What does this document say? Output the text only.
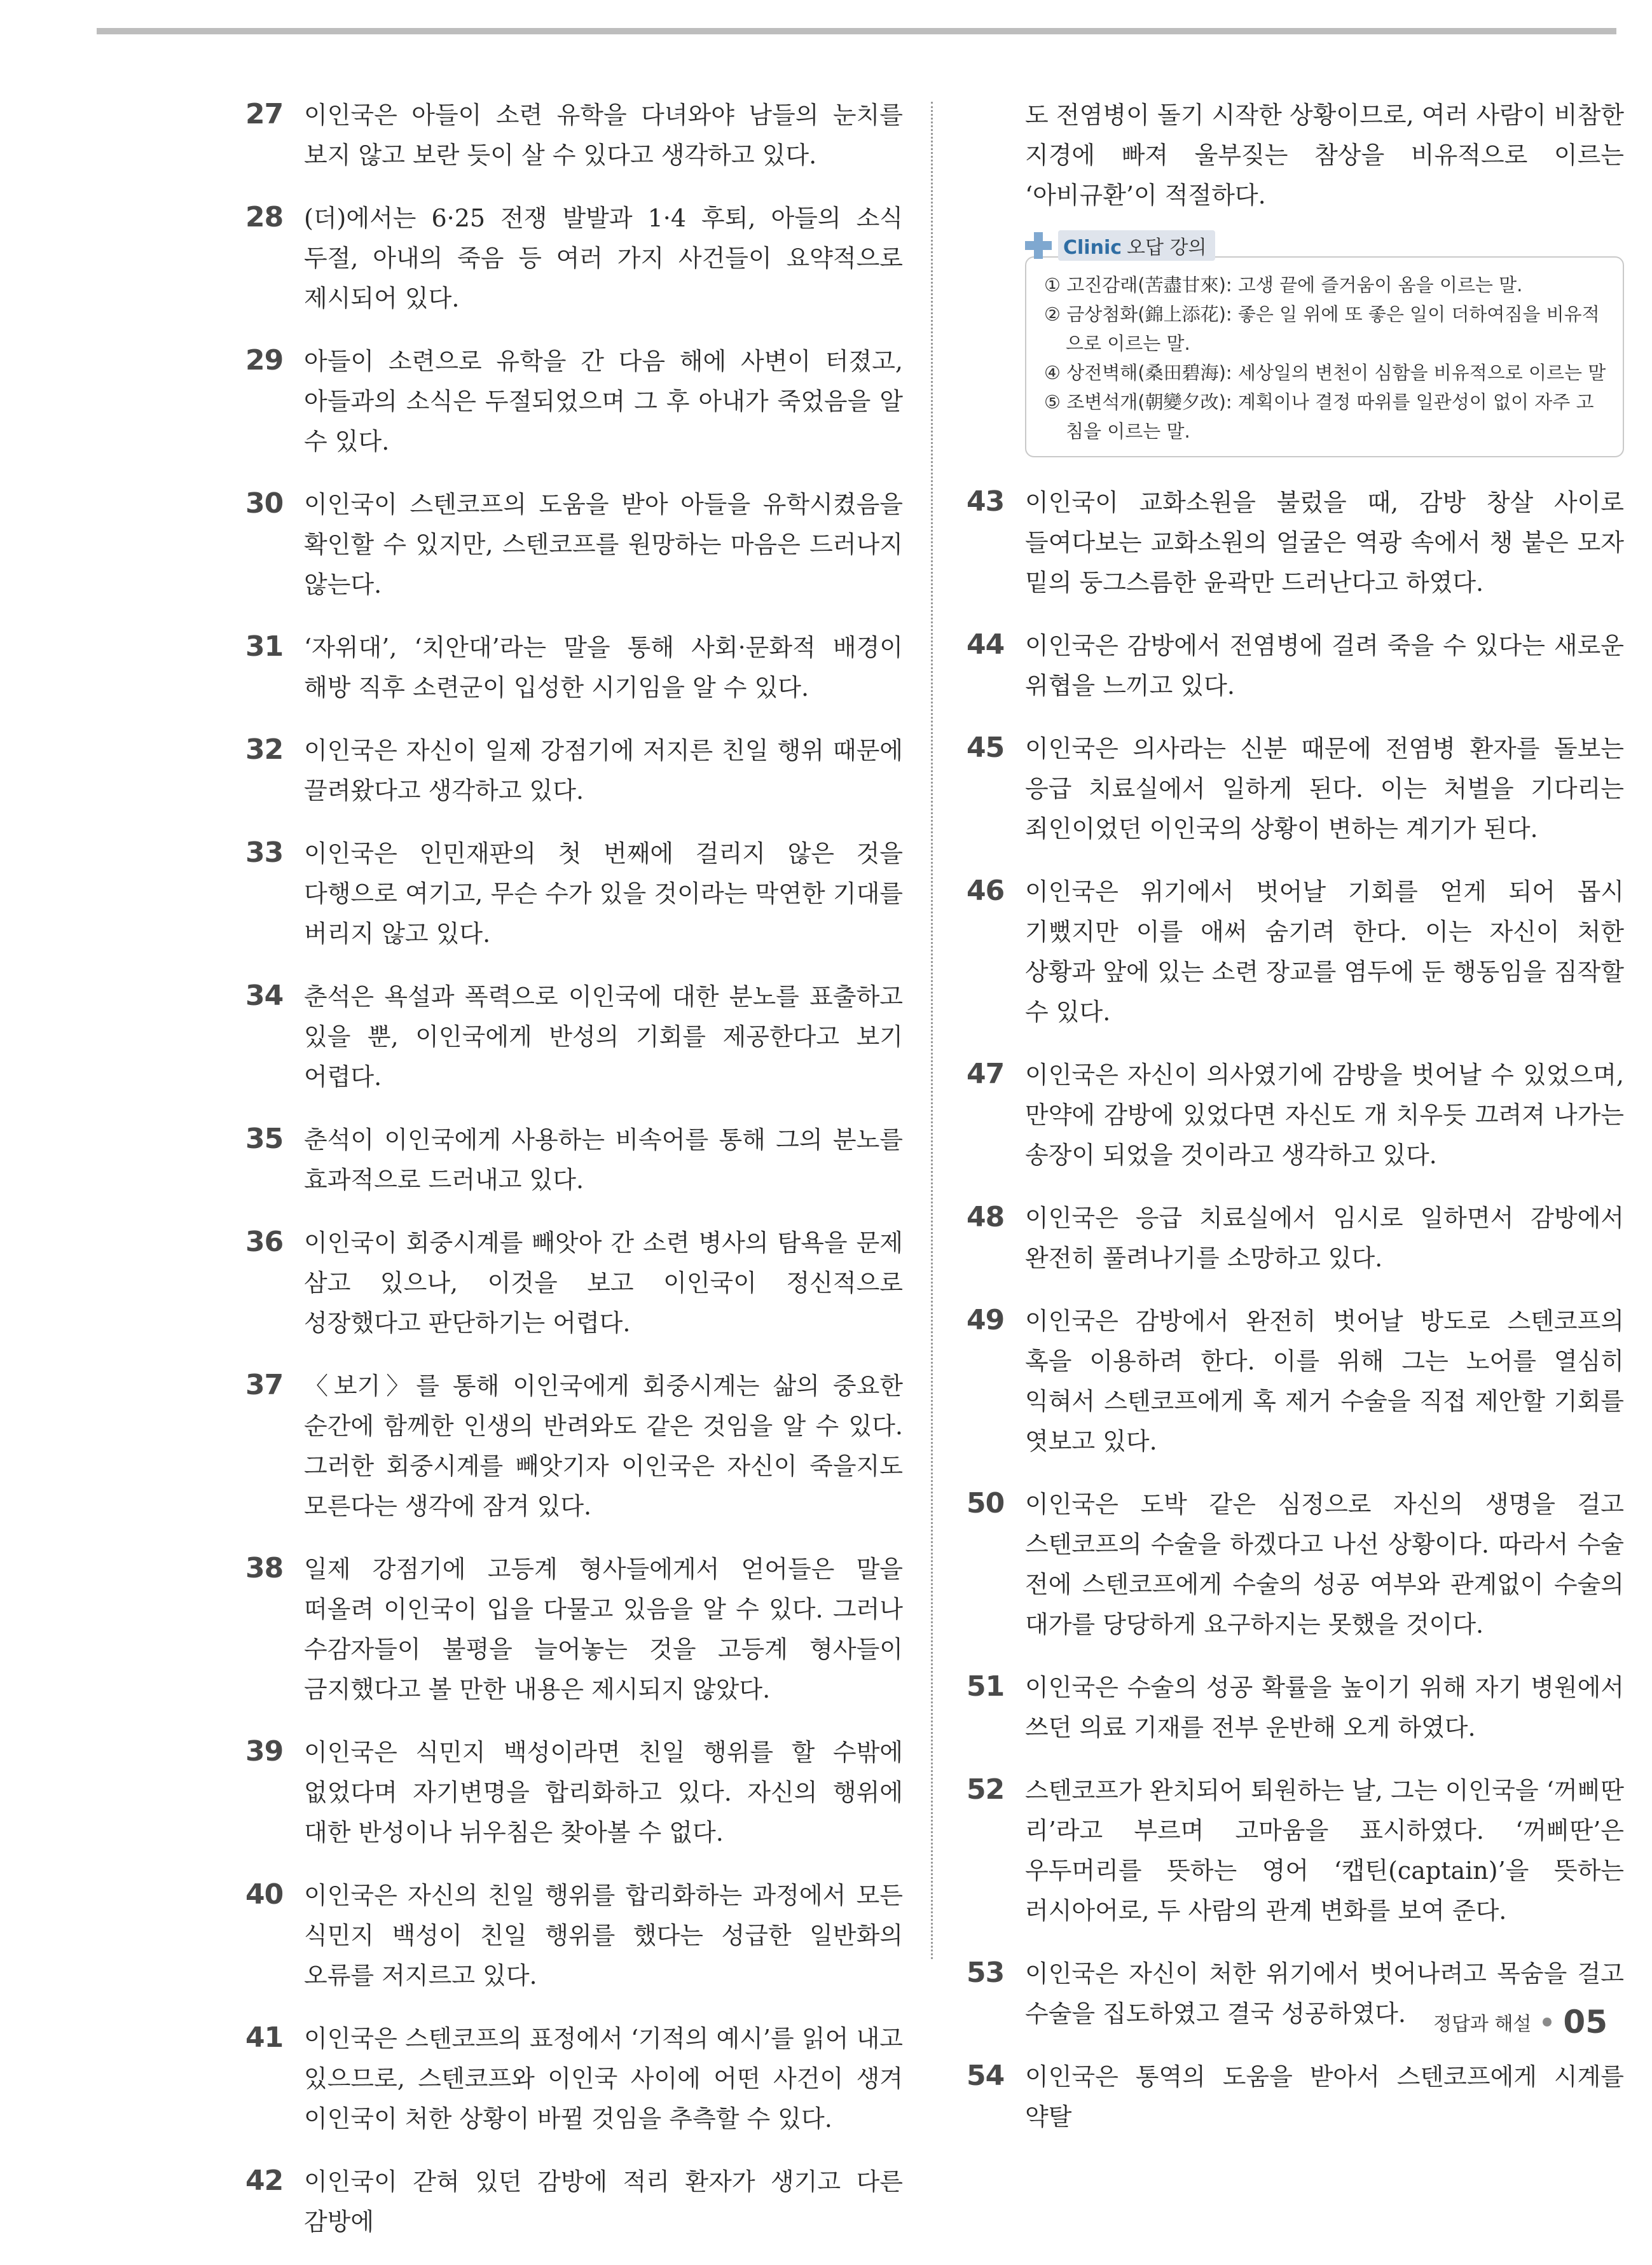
27 이인국은 아들이 소련 유학을 다녀와야 남들의 눈치를 보지 않고 보란 듯이 살 수 있다고 생각하고 있다.
28 (더)에서는 6·25 전쟁 발발과 1·4 후퇴, 아들의 소식 두절, 아내의 죽음 등 여러 가지 사건들이 요약적으로 제시되어 있다.
29 아들이 소련으로 유학을 간 다음 해에 사변이 터졌고, 아들과의 소식은 두절되었으며 그 후 아내가 죽었음을 알 수 있다.
30 이인국이 스텐코프의 도움을 받아 아들을 유학시켰음을 확인할 수 있지만, 스텐코프를 원망하는 마음은 드러나지 않는다.
31 ‘자위대’, ‘치안대’라는 말을 통해 사회·문화적 배경이 해방 직후 소련군이 입성한 시기임을 알 수 있다.
32 이인국은 자신이 일제 강점기에 저지른 친일 행위 때문에 끌려왔다고 생각하고 있다.
33 이인국은 인민재판의 첫 번째에 걸리지 않은 것을 다행으로 여기고, 무슨 수가 있을 것이라는 막연한 기대를 버리지 않고 있다.
34 춘석은 욕설과 폭력으로 이인국에 대한 분노를 표출하고 있을 뿐, 이인국에게 반성의 기회를 제공한다고 보기 어렵다.
35 춘석이 이인국에게 사용하는 비속어를 통해 그의 분노를 효과적으로 드러내고 있다.
36 이인국이 회중시계를 빼앗아 간 소련 병사의 탐욕을 문제 삼고 있으나, 이것을 보고 이인국이 정신적으로 성장했다고 판단하기는 어렵다.
37 〈보기〉를 통해 이인국에게 회중시계는 삶의 중요한 순간에 함께한 인생의 반려와도 같은 것임을 알 수 있다. 그러한 회중시계를 빼앗기자 이인국은 자신이 죽을지도 모른다는 생각에 잠겨 있다.
38 일제 강점기에 고등계 형사들에게서 얻어들은 말을 떠올려 이인국이 입을 다물고 있음을 알 수 있다. 그러나 수감자들이 불평을 늘어놓는 것을 고등계 형사들이 금지했다고 볼 만한 내용은 제시되지 않았다.
39 이인국은 식민지 백성이라면 친일 행위를 할 수밖에 없었다며 자기변명을 합리화하고 있다. 자신의 행위에 대한 반성이나 뉘우침은 찾아볼 수 없다.
40 이인국은 자신의 친일 행위를 합리화하는 과정에서 모든 식민지 백성이 친일 행위를 했다는 성급한 일반화의 오류를 저지르고 있다.
41 이인국은 스텐코프의 표정에서 ‘기적의 예시’를 읽어 내고 있으므로, 스텐코프와 이인국 사이에 어떤 사건이 생겨 이인국이 처한 상황이 바뀔 것임을 추측할 수 있다.
42 이인국이 갇혀 있던 감방에 적리 환자가 생기고 다른 감방에
도 전염병이 돌기 시작한 상황이므로, 여러 사람이 비참한 지경에 빠져 울부짖는 참상을 비유적으로 이르는 ‘아비규환’이 적절하다.
Clinic 오답 강의
① 고진감래(苦盡甘來): 고생 끝에 즐거움이 옴을 이르는 말.
② 금상첨화(錦上添花): 좋은 일 위에 또 좋은 일이 더하여짐을 비유적으로 이르는 말.
④ 상전벽해(桑田碧海): 세상일의 변천이 심함을 비유적으로 이르는 말
⑤ 조변석개(朝變夕改): 계획이나 결정 따위를 일관성이 없이 자주 고침을 이르는 말.
43 이인국이 교화소원을 불렀을 때, 감방 창살 사이로 들여다보는 교화소원의 얼굴은 역광 속에서 챙 붙은 모자 밑의 둥그스름한 윤곽만 드러난다고 하였다.
44 이인국은 감방에서 전염병에 걸려 죽을 수 있다는 새로운 위협을 느끼고 있다.
45 이인국은 의사라는 신분 때문에 전염병 환자를 돌보는 응급 치료실에서 일하게 된다. 이는 처벌을 기다리는 죄인이었던 이인국의 상황이 변하는 계기가 된다.
46 이인국은 위기에서 벗어날 기회를 얻게 되어 몹시 기뻤지만 이를 애써 숨기려 한다. 이는 자신이 처한 상황과 앞에 있는 소련 장교를 염두에 둔 행동임을 짐작할 수 있다.
47 이인국은 자신이 의사였기에 감방을 벗어날 수 있었으며, 만약에 감방에 있었다면 자신도 개 치우듯 끄려져 나가는 송장이 되었을 것이라고 생각하고 있다.
48 이인국은 응급 치료실에서 임시로 일하면서 감방에서 완전히 풀려나기를 소망하고 있다.
49 이인국은 감방에서 완전히 벗어날 방도로 스텐코프의 혹을 이용하려 한다. 이를 위해 그는 노어를 열심히 익혀서 스텐코프에게 혹 제거 수술을 직접 제안할 기회를 엿보고 있다.
50 이인국은 도박 같은 심정으로 자신의 생명을 걸고 스텐코프의 수술을 하겠다고 나선 상황이다. 따라서 수술 전에 스텐코프에게 수술의 성공 여부와 관계없이 수술의 대가를 당당하게 요구하지는 못했을 것이다.
51 이인국은 수술의 성공 확률을 높이기 위해 자기 병원에서 쓰던 의료 기재를 전부 운반해 오게 하였다.
52 스텐코프가 완치되어 퇴원하는 날, 그는 이인국을 ‘꺼삐딴 리’라고 부르며 고마움을 표시하였다. ‘꺼삐딴’은 우두머리를 뜻하는 영어 ‘캡틴(captain)’을 뜻하는 러시아어로, 두 사람의 관계 변화를 보여 준다.
53 이인국은 자신이 처한 위기에서 벗어나려고 목숨을 걸고 수술을 집도하였고 결국 성공하였다.
54 이인국은 통역의 도움을 받아서 스텐코프에게 시계를 약탈
정답과 해설 05
